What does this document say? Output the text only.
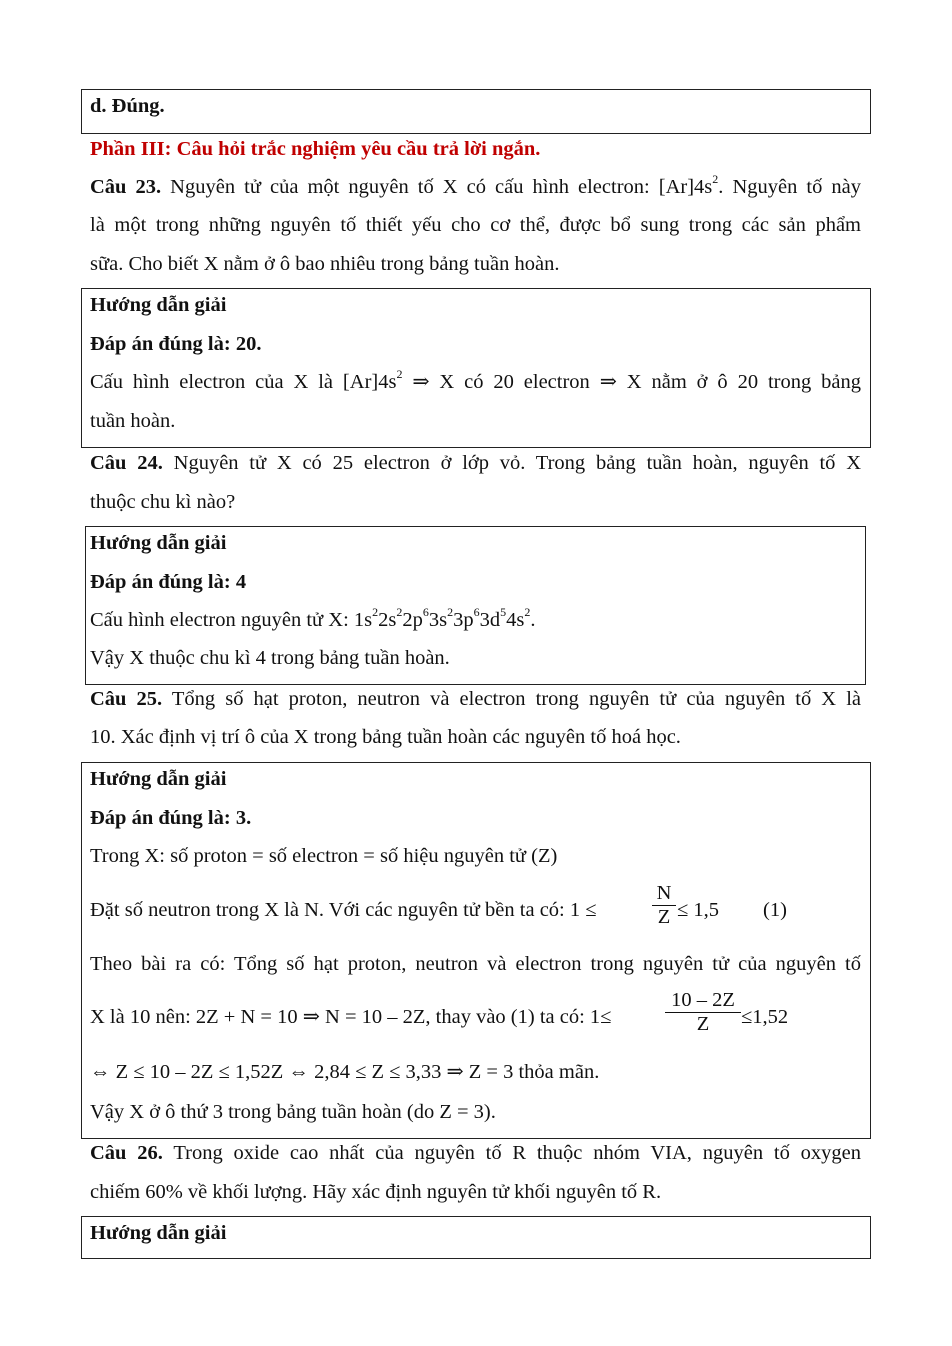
d. Đúng.
Phần III: Câu hỏi trắc nghiệm yêu cầu trả lời ngắn.
Câu 23. Nguyên tử của một nguyên tố X có cấu hình electron: $[Ar]4s^2$. Nguyên tố này
là một trong những nguyên tố thiết yếu cho cơ thể, được bổ sung trong các sản phẩm
sữa. Cho biết X nằm ở ô bao nhiêu trong bảng tuần hoàn.
Hướng dẫn giải
Đáp án đúng là: 20.
Cấu hình electron của X là $[Ar]4s^2$ ⇒ X có 20 electron ⇒ X nằm ở ô 20 trong bảng
tuần hoàn.
Câu 24. Nguyên tử X có 25 electron ở lớp vỏ. Trong bảng tuần hoàn, nguyên tố X
thuộc chu kì nào?
Hướng dẫn giải
Đáp án đúng là: 4
Cấu hình electron nguyên tử X: $1s^22s^22p^63s^23p^63d^54s^2$.
Vậy X thuộc chu kì 4 trong bảng tuần hoàn.
Câu 25. Tổng số hạt proton, neutron và electron trong nguyên tử của nguyên tố X là
10. Xác định vị trí ô của X trong bảng tuần hoàn các nguyên tố hoá học.
Hướng dẫn giải
Đáp án đúng là: 3.
Trong X: số proton = số electron = số hiệu nguyên tử (Z)
Đặt số neutron trong X là N. Với các nguyên tử bền ta có: 1 ≤
N
Z ≤ 1,5 (1)
Theo bài ra có: Tổng số hạt proton, neutron và electron trong nguyên tử của nguyên tố
X là 10 nên: 2Z + N = 10 ⇒ N = 10 – 2Z, thay vào (1) ta có: 1≤
10 – 2Z
Z	≤1,52
⇔ Z ≤ 10 – 2Z ≤ 1,52Z ⇔ 2,84 ≤ Z ≤ 3,33 ⇒ Z = 3 thỏa mãn.
Vậy X ở ô thứ 3 trong bảng tuần hoàn (do Z = 3).
Câu 26. Trong oxide cao nhất của nguyên tố R thuộc nhóm VIA, nguyên tố oxygen
chiếm 60% về khối lượng. Hãy xác định nguyên tử khối nguyên tố R.
Hướng dẫn giải
